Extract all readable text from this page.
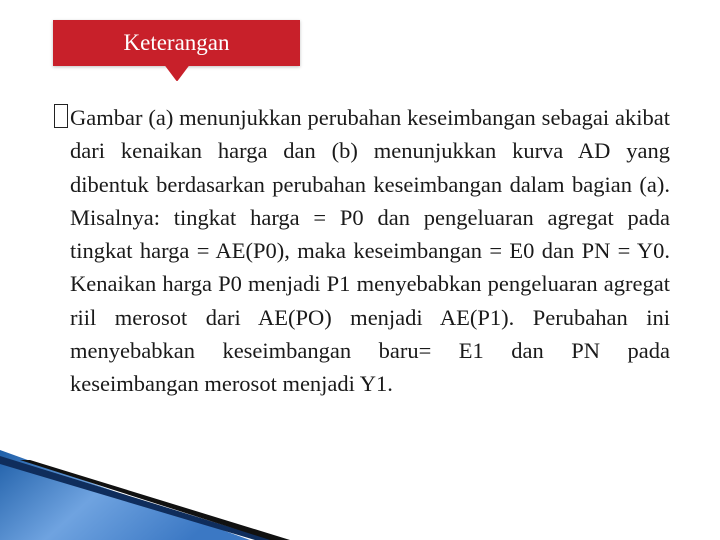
Keterangan

Gambar (a) menunjukkan perubahan keseimbangan sebagai akibat dari kenaikan harga dan (b) menunjukkan kurva AD yang dibentuk berdasarkan perubahan keseimbangan dalam bagian (a). Misalnya: tingkat harga = P0 dan pengeluaran agregat pada tingkat harga = AE(P0), maka keseimbangan = E0 dan PN = Y0. Kenaikan harga P0 menjadi P1 menyebabkan pengeluaran agregat riil merosot dari AE(PO) menjadi AE(P1). Perubahan ini menyebabkan keseimbangan baru= E1 dan PN pada keseimbangan merosot menjadi Y1.
